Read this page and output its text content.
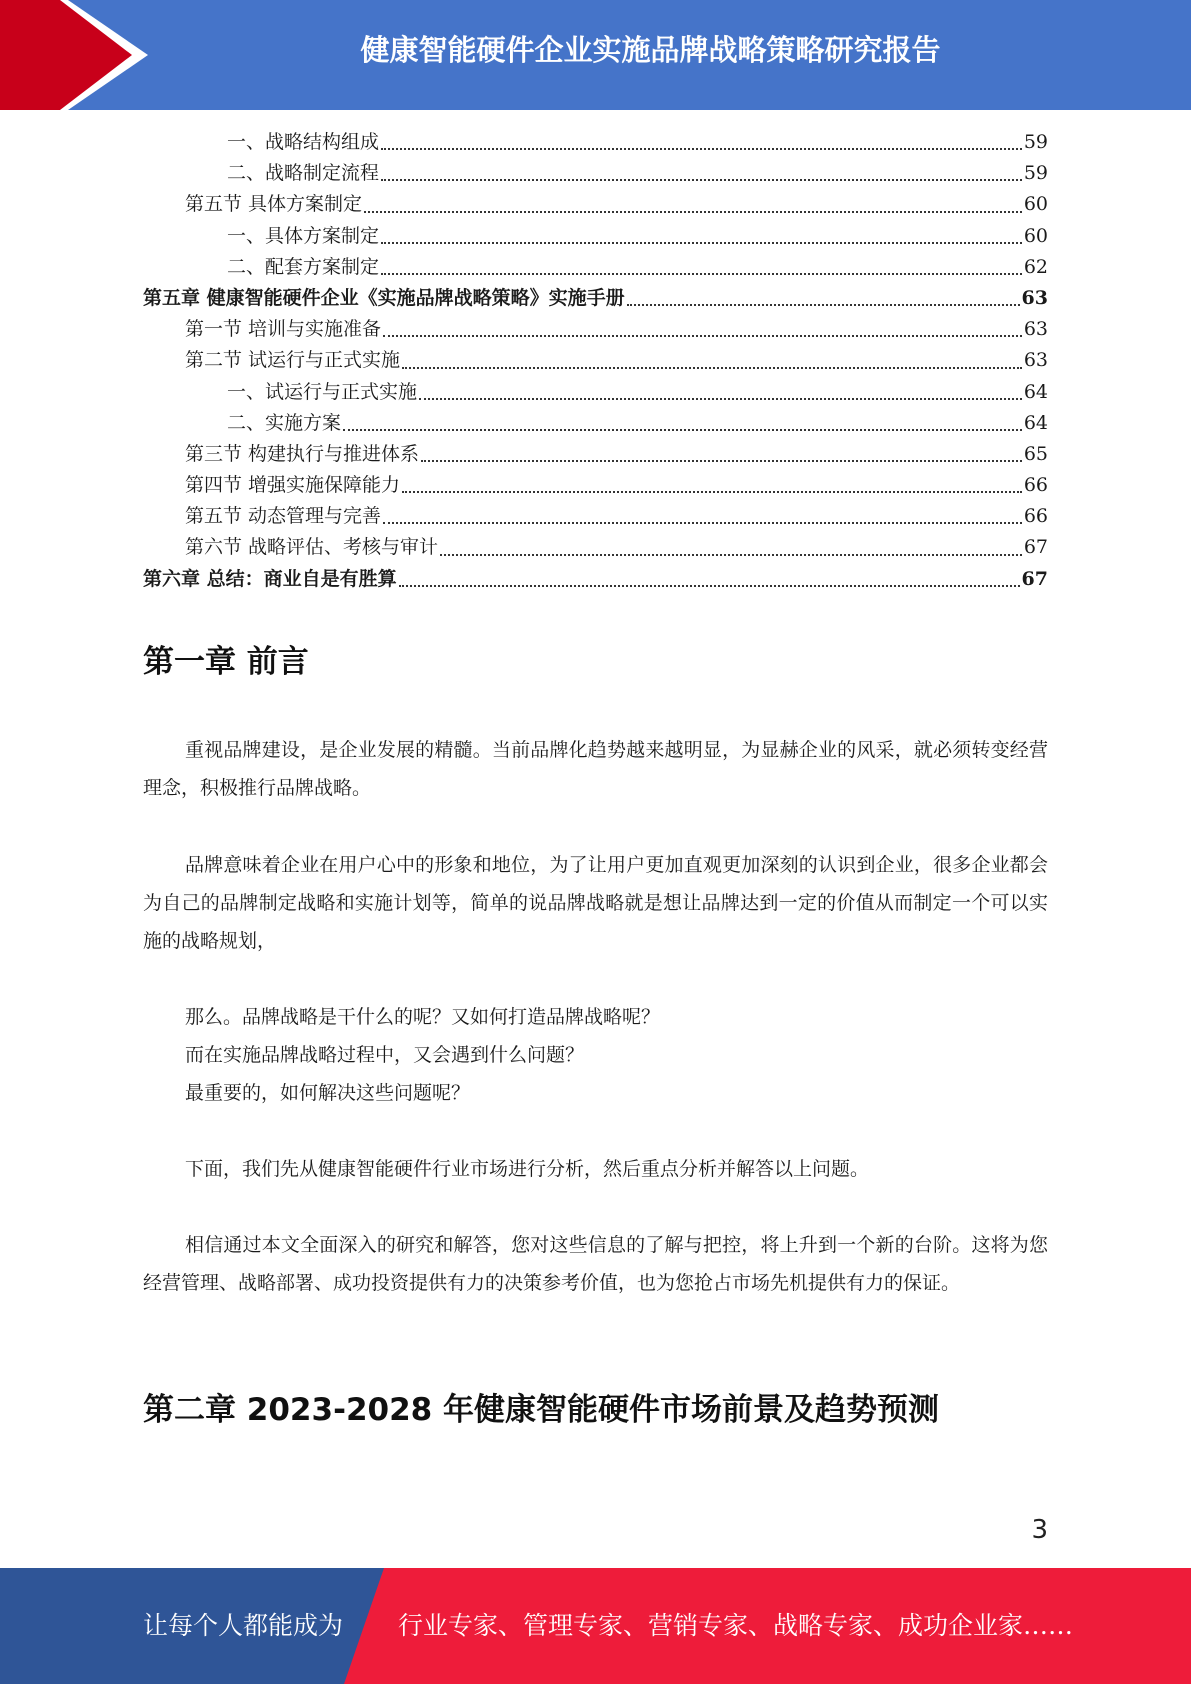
健康智能硬件企业实施品牌战略策略研究报告
一、战略结构组成	59
二、战略制定流程	59
第五节 具体方案制定	60
一、具体方案制定	60
二、配套方案制定	62
第五章 健康智能硬件企业《实施品牌战略策略》实施手册	63
第一节 培训与实施准备	63
第二节 试运行与正式实施	63
一、试运行与正式实施	64
二、实施方案	64
第三节 构建执行与推进体系	65
第四节 增强实施保障能力	66
第五节 动态管理与完善	66
第六节 战略评估、考核与审计	67
第六章 总结：商业自是有胜算	67
第一章 前言
重视品牌建设，是企业发展的精髓。当前品牌化趋势越来越明显，为显赫企业的风采，就必须转变经营理念，积极推行品牌战略。
品牌意味着企业在用户心中的形象和地位，为了让用户更加直观更加深刻的认识到企业，很多企业都会为自己的品牌制定战略和实施计划等，简单的说品牌战略就是想让品牌达到一定的价值从而制定一个可以实施的战略规划，
那么。品牌战略是干什么的呢？又如何打造品牌战略呢？
而在实施品牌战略过程中，又会遇到什么问题？
最重要的，如何解决这些问题呢？
下面，我们先从健康智能硬件行业市场进行分析，然后重点分析并解答以上问题。
相信通过本文全面深入的研究和解答，您对这些信息的了解与把控，将上升到一个新的台阶。这将为您经营管理、战略部署、成功投资提供有力的决策参考价值，也为您抢占市场先机提供有力的保证。
第二章 2023-2028 年健康智能硬件市场前景及趋势预测
3
让每个人都能成为 行业专家、管理专家、营销专家、战略专家、成功企业家……
